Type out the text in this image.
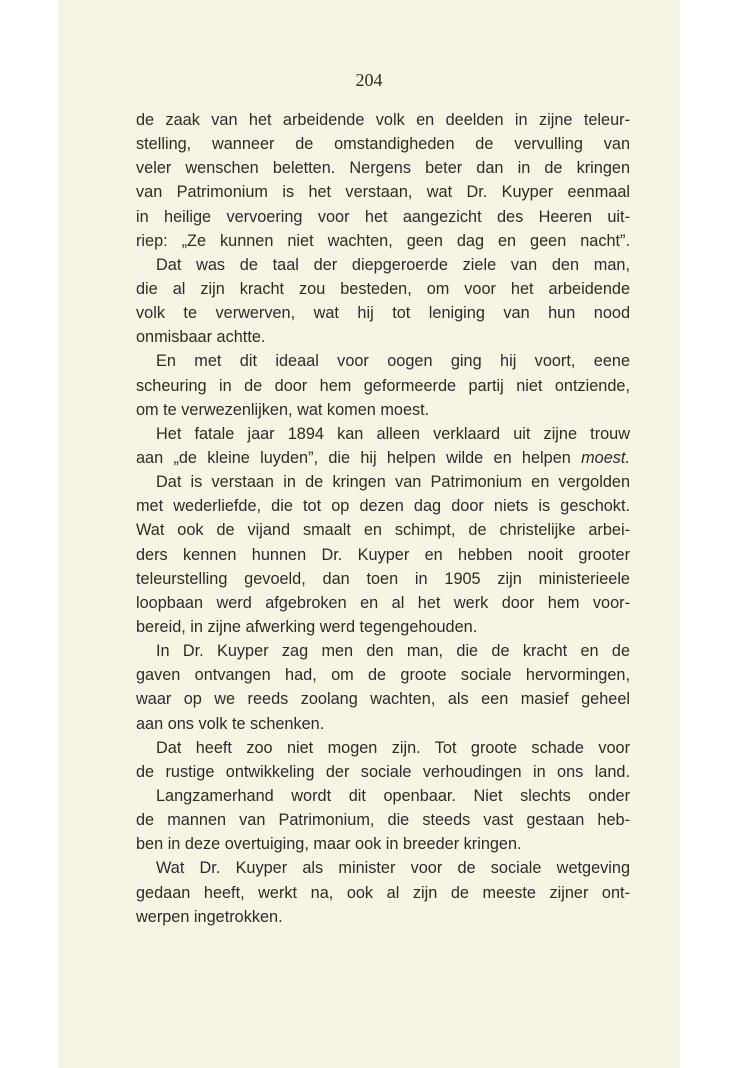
204
de zaak van het arbeidende volk en deelden in zijne teleur-
stelling, wanneer de omstandigheden de vervulling van
veler wenschen beletten. Nergens beter dan in de kringen
van Patrimonium is het verstaan, wat Dr. Kuyper eenmaal
in heilige vervoering voor het aangezicht des Heeren uit-
riep: „Ze kunnen niet wachten, geen dag en geen nacht”.
Dat was de taal der diepgeroerde ziele van den man,
die al zijn kracht zou besteden, om voor het arbeidende
volk te verwerven, wat hij tot leniging van hun nood
onmisbaar achtte.
En met dit ideaal voor oogen ging hij voort, eene
scheuring in de door hem geformeerde partij niet ontziende,
om te verwezenlijken, wat komen moest.
Het fatale jaar 1894 kan alleen verklaard uit zijne trouw
aan „de kleine luyden”, die hij helpen wilde en helpen moest.
Dat is verstaan in de kringen van Patrimonium en vergolden
met wederliefde, die tot op dezen dag door niets is geschokt.
Wat ook de vijand smaalt en schimpt, de christelijke arbei-
ders kennen hunnen Dr. Kuyper en hebben nooit grooter
teleurstelling gevoeld, dan toen in 1905 zijn ministerieele
loopbaan werd afgebroken en al het werk door hem voor-
bereid, in zijne afwerking werd tegengehouden.
In Dr. Kuyper zag men den man, die de kracht en de
gaven ontvangen had, om de groote sociale hervormingen,
waar op we reeds zoolang wachten, als een masief geheel
aan ons volk te schenken.
Dat heeft zoo niet mogen zijn. Tot groote schade voor
de rustige ontwikkeling der sociale verhoudingen in ons land.
Langzamerhand wordt dit openbaar. Niet slechts onder
de mannen van Patrimonium, die steeds vast gestaan heb-
ben in deze overtuiging, maar ook in breeder kringen.
Wat Dr. Kuyper als minister voor de sociale wetgeving
gedaan heeft, werkt na, ook al zijn de meeste zijner ont-
werpen ingetrokken.
